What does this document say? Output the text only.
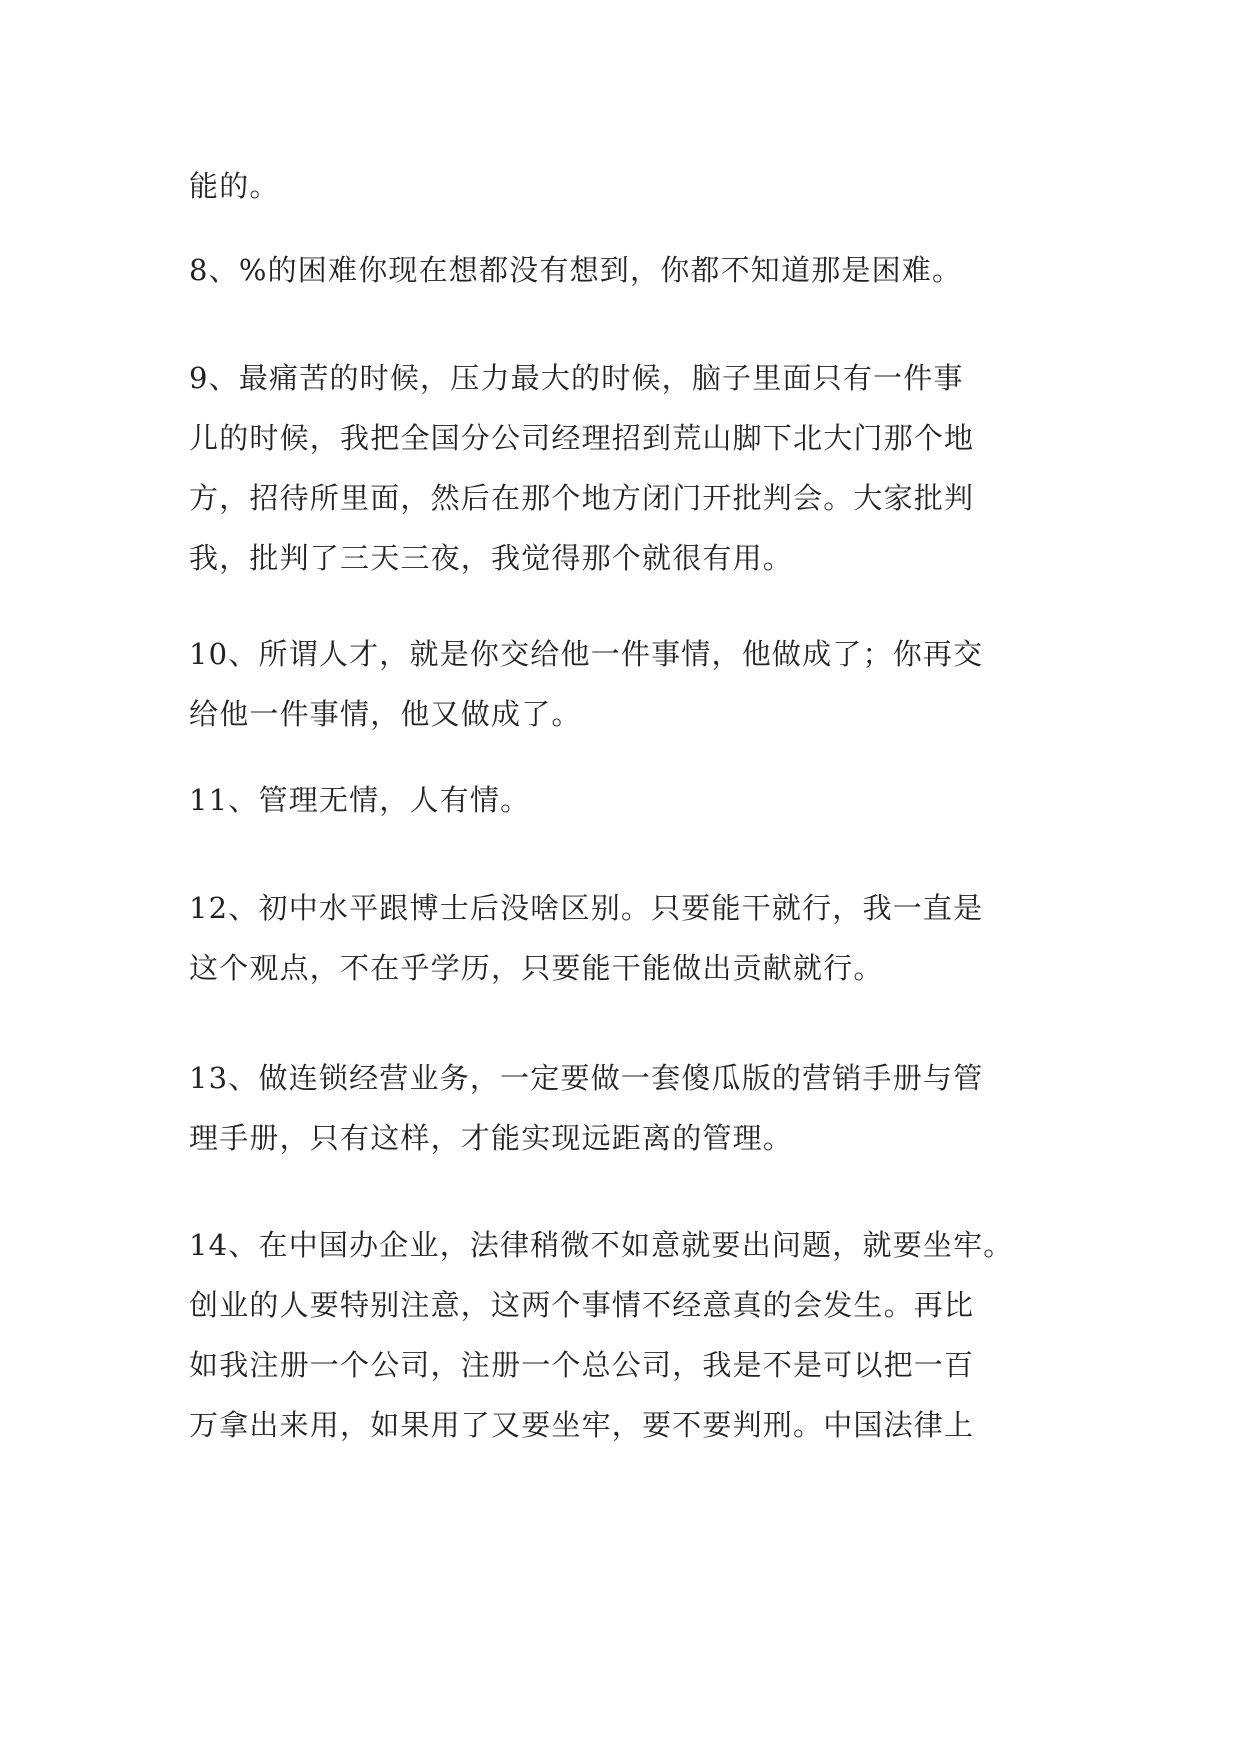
能的。
8、%的困难你现在想都没有想到，你都不知道那是困难。
9、最痛苦的时候，压力最大的时候，脑子里面只有一件事
儿的时候，我把全国分公司经理招到荒山脚下北大门那个地
方，招待所里面，然后在那个地方闭门开批判会。大家批判
我，批判了三天三夜，我觉得那个就很有用。
10、所谓人才，就是你交给他一件事情，他做成了；你再交
给他一件事情，他又做成了。
11、管理无情，人有情。
12、初中水平跟博士后没啥区别。只要能干就行，我一直是
这个观点，不在乎学历，只要能干能做出贡献就行。
13、做连锁经营业务，一定要做一套傻瓜版的营销手册与管
理手册，只有这样，才能实现远距离的管理。
14、在中国办企业，法律稍微不如意就要出问题，就要坐牢。
创业的人要特别注意，这两个事情不经意真的会发生。再比
如我注册一个公司，注册一个总公司，我是不是可以把一百
万拿出来用，如果用了又要坐牢，要不要判刑。中国法律上
